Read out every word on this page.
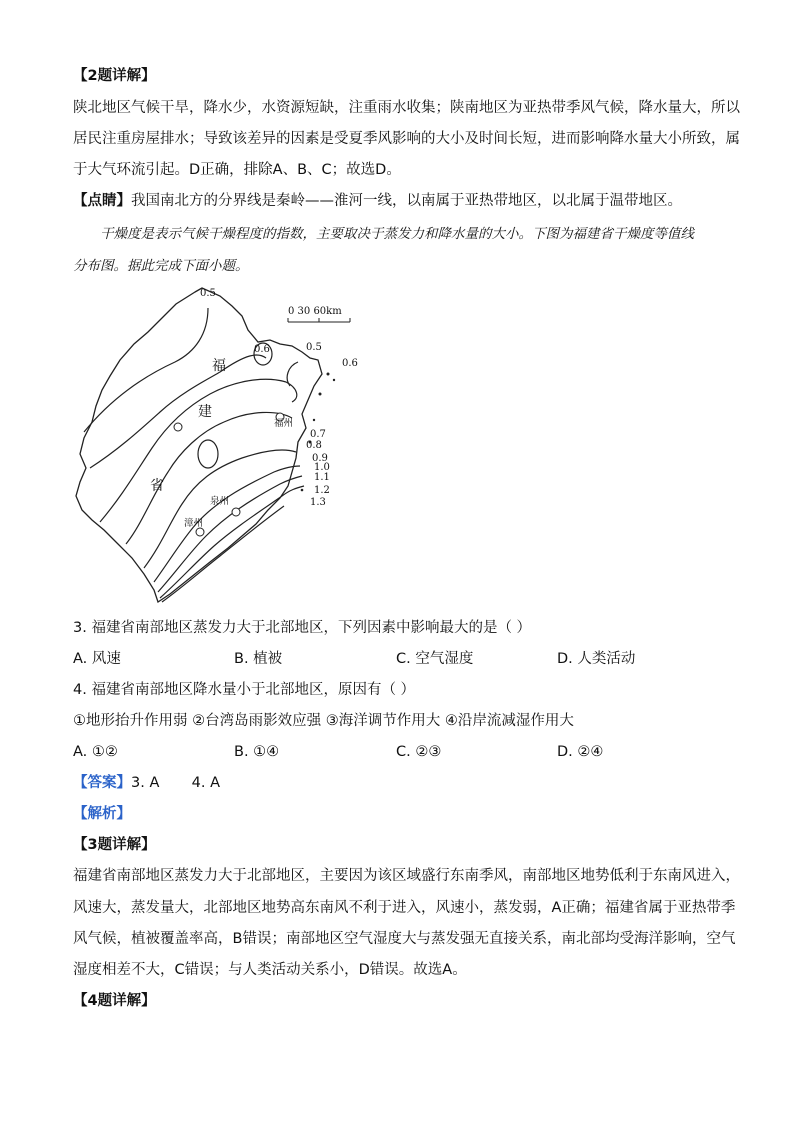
【2题详解】
陕北地区气候干旱，降水少，水资源短缺，注重雨水收集；陕南地区为亚热带季风气候，降水量大，所以
居民注重房屋排水；导致该差异的因素是受夏季风影响的大小及时间长短，进而影响降水量大小所致，属
于大气环流引起。D正确，排除A、B、C；故选D。
【点睛】我国南北方的分界线是秦岭——淮河一线，以南属于亚热带地区，以北属于温带地区。
干燥度是表示气候干燥程度的指数，主要取决于蒸发力和降水量的大小。下图为福建省干燥度等值线
分布图。据此完成下面小题。
0 30 60km
福
建
省
福州
泉州
漳州
0.5
0.6	0.5
0.6
0.7
0.8
0.9
1.0
1.1
1.2
1.3
3. 福建省南部地区蒸发力大于北部地区，下列因素中影响最大的是（ ）
A. 风速	B. 植被	C. 空气湿度	D. 人类活动
4. 福建省南部地区降水量小于北部地区，原因有（ ）
①地形抬升作用弱 ②台湾岛雨影效应强 ③海洋调节作用大 ④沿岸流减湿作用大
A. ①②	B. ①④	C. ②③	D. ②④
【答案】3. A       4. A
【解析】
【3题详解】
福建省南部地区蒸发力大于北部地区，主要因为该区域盛行东南季风，南部地区地势低利于东南风进入，
风速大，蒸发量大，北部地区地势高东南风不利于进入，风速小，蒸发弱，A正确；福建省属于亚热带季
风气候，植被覆盖率高，B错误；南部地区空气湿度大与蒸发强无直接关系，南北部均受海洋影响，空气
湿度相差不大，C错误；与人类活动关系小，D错误。故选A。
【4题详解】
